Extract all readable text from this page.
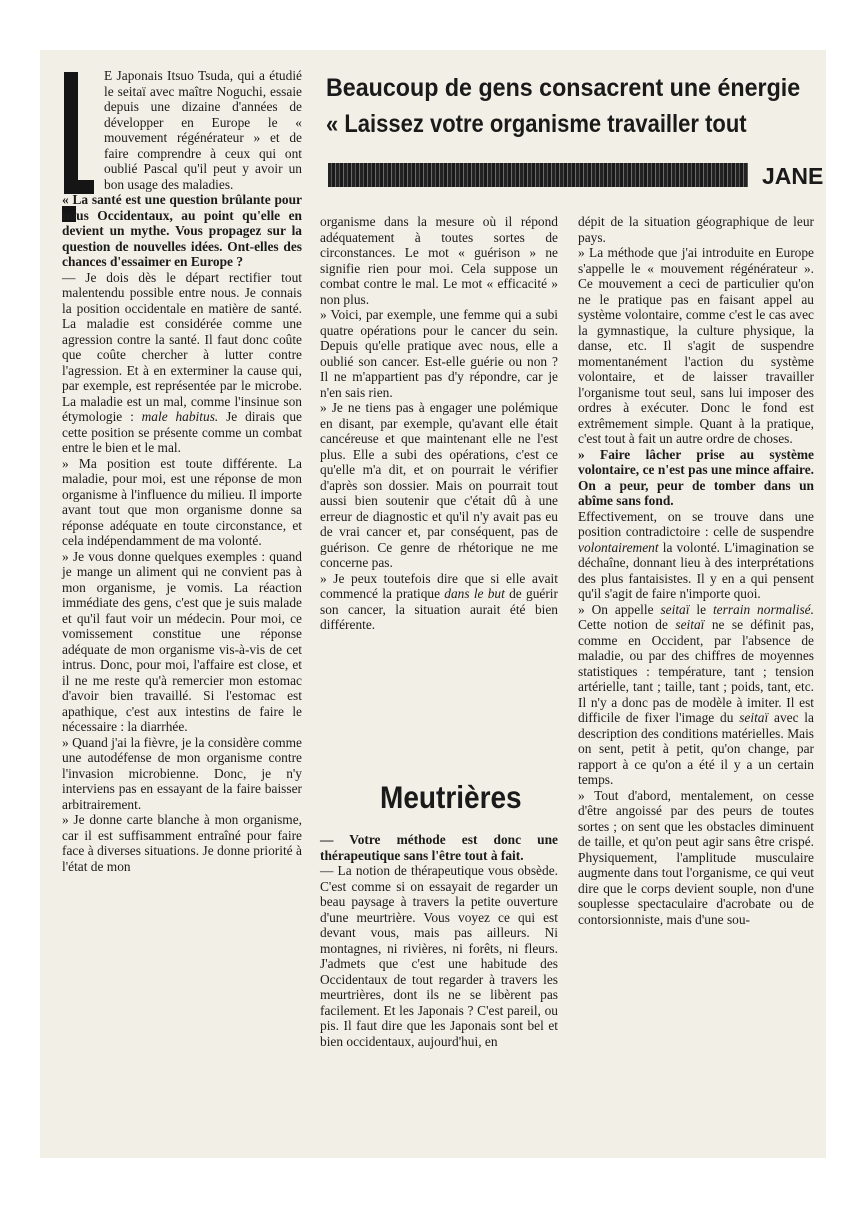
Beaucoup de gens consacrent une énergie
« Laissez votre organisme travailler tout
JANE
E Japonais Itsuo Tsuda, qui a étudié le seitaï avec maître Noguchi, essaie depuis une dizaine d'années de développer en Europe le « mouvement régénérateur » et de faire comprendre à ceux qui ont oublié Pascal qu'il peut y avoir un bon usage des maladies.

« La santé est une question brûlante pour nous Occidentaux, au point qu'elle en devient un mythe. Vous propagez sur la question de nouvelles idées. Ont-elles des chances d'essaimer en Europe ?

— Je dois dès le départ rectifier tout malentendu possible entre nous. Je connais la position occidentale en matière de santé. La maladie est considérée comme une agression contre la santé. Il faut donc coûte que coûte chercher à lutter contre l'agression. Et à en exterminer la cause qui, par exemple, est représentée par le microbe. La maladie est un mal, comme l'insinue son étymologie : male habitus. Je dirais que cette position se présente comme un combat entre le bien et le mal.

» Ma position est toute différente. La maladie, pour moi, est une réponse de mon organisme à l'influence du milieu. Il importe avant tout que mon organisme donne sa réponse adéquate en toute circonstance, et cela indépendamment de ma volonté.

» Je vous donne quelques exemples : quand je mange un aliment qui ne convient pas à mon organisme, je vomis. La réaction immédiate des gens, c'est que je suis malade et qu'il faut voir un médecin. Pour moi, ce vomissement constitue une réponse adéquate de mon organisme vis-à-vis de cet intrus. Donc, pour moi, l'affaire est close, et il ne me reste qu'à remercier mon estomac d'avoir bien travaillé. Si l'estomac est apathique, c'est aux intestins de faire le nécessaire : la diarrhée.

» Quand j'ai la fièvre, je la considère comme une autodéfense de mon organisme contre l'invasion microbienne. Donc, je n'y interviens pas en essayant de la faire baisser arbitrairement.

» Je donne carte blanche à mon organisme, car il est suffisamment entraîné pour faire face à diverses situations. Je donne priorité à l'état de mon

organisme dans la mesure où il répond adéquatement à toutes sortes de circonstances. Le mot « guérison » ne signifie rien pour moi. Cela suppose un combat contre le mal. Le mot « efficacité » non plus.

» Voici, par exemple, une femme qui a subi quatre opérations pour le cancer du sein. Depuis qu'elle pratique avec nous, elle a oublié son cancer. Est-elle guérie ou non ? Il ne m'appartient pas d'y répondre, car je n'en sais rien.

» Je ne tiens pas à engager une polémique en disant, par exemple, qu'avant elle était cancéreuse et que maintenant elle ne l'est plus. Elle a subi des opérations, c'est ce qu'elle m'a dit, et on pourrait le vérifier d'après son dossier. Mais on pourrait tout aussi bien soutenir que c'était dû à une erreur de diagnostic et qu'il n'y avait pas eu de vrai cancer et, par conséquent, pas de guérison. Ce genre de rhétorique ne me concerne pas.

» Je peux toutefois dire que si elle avait commencé la pratique dans le but de guérir son cancer, la situation aurait été bien différente.

Meutrières

— Votre méthode est donc une thérapeutique sans l'être tout à fait.

— La notion de thérapeutique vous obsède. C'est comme si on essayait de regarder un beau paysage à travers la petite ouverture d'une meurtrière. Vous voyez ce qui est devant vous, mais pas ailleurs. Ni montagnes, ni rivières, ni forêts, ni fleurs. J'admets que c'est une habitude des Occidentaux de tout regarder à travers les meurtrières, dont ils ne se libèrent pas facilement. Et les Japonais ? C'est pareil, ou pis. Il faut dire que les Japonais sont bel et bien occidentaux, aujourd'hui, en

dépit de la situation géographique de leur pays.

» La méthode que j'ai introduite en Europe s'appelle le « mouvement régénérateur ». Ce mouvement a ceci de particulier qu'on ne le pratique pas en faisant appel au système volontaire, comme c'est le cas avec la gymnastique, la culture physique, la danse, etc. Il s'agit de suspendre momentanément l'action du système volontaire, et de laisser travailler l'organisme tout seul, sans lui imposer des ordres à exécuter. Donc le fond est extrêmement simple. Quant à la pratique, c'est tout à fait un autre ordre de choses.

» Faire lâcher prise au système volontaire, ce n'est pas une mince affaire. On a peur, peur de tomber dans un abîme sans fond.

Effectivement, on se trouve dans une position contradictoire : celle de suspendre volontairement la volonté. L'imagination se déchaîne, donnant lieu à des interprétations des plus fantaisistes. Il y en a qui pensent qu'il s'agit de faire n'importe quoi.

» On appelle seitaï le terrain normalisé. Cette notion de seitaï ne se définit pas, comme en Occident, par l'absence de maladie, ou par des chiffres de moyennes statistiques : température, tant ; tension artérielle, tant ; taille, tant ; poids, tant, etc. Il n'y a donc pas de modèle à imiter. Il est difficile de fixer l'image du seitaï avec la description des conditions matérielles. Mais on sent, petit à petit, qu'on change, par rapport à ce qu'on a été il y a un certain temps.

» Tout d'abord, mentalement, on cesse d'être angoissé par des peurs de toutes sortes ; on sent que les obstacles diminuent de taille, et qu'on peut agir sans être crispé. Physiquement, l'amplitude musculaire augmente dans tout l'organisme, ce qui veut dire que le corps devient souple, non d'une souplesse spectaculaire d'acrobate ou de contorsionniste, mais d'une sou-
